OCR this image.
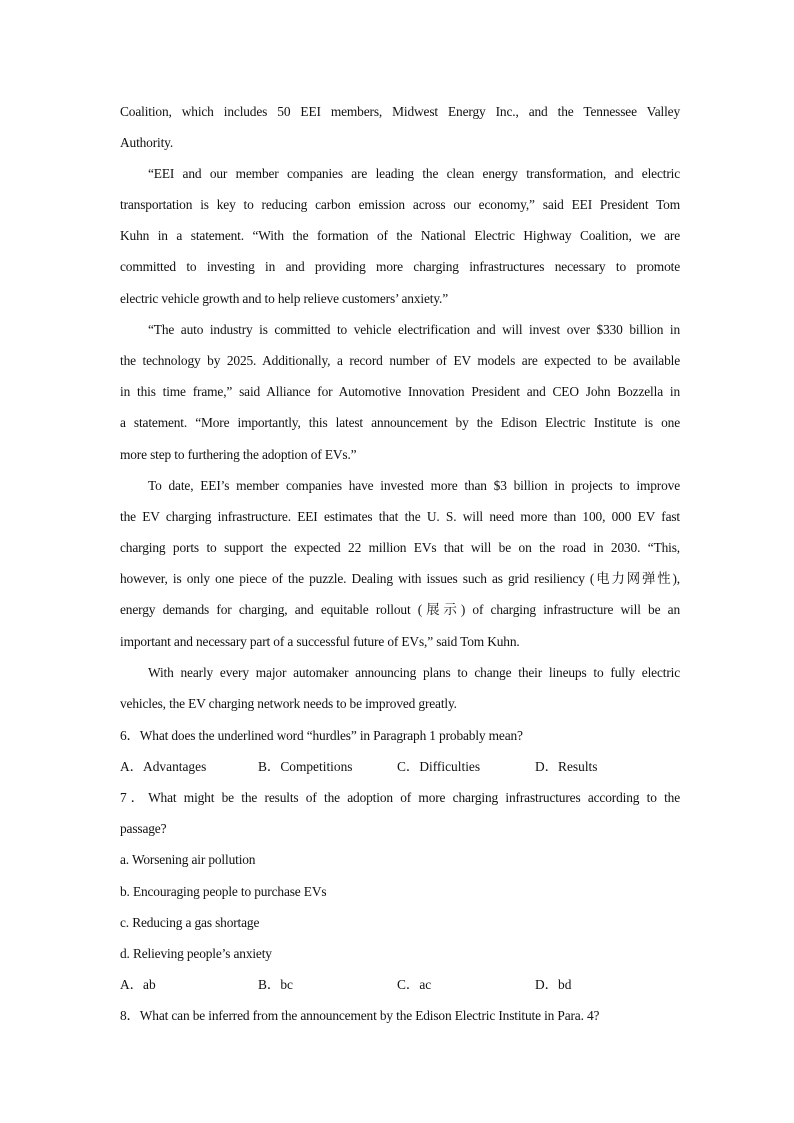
Coalition, which includes 50 EEI members, Midwest Energy Inc., and the Tennessee Valley
Authority.
“EEI and our member companies are leading the clean energy transformation, and electric
transportation is key to reducing carbon emission across our economy,” said EEI President Tom
Kuhn in a statement. “With the formation of the National Electric Highway Coalition, we are
committed to investing in and providing more charging infrastructures necessary to promote
electric vehicle growth and to help relieve customers’ anxiety.”
“The auto industry is committed to vehicle electrification and will invest over $330 billion in
the technology by 2025. Additionally, a record number of EV models are expected to be available
in this time frame,” said Alliance for Automotive Innovation President and CEO John Bozzella in
a statement. “More importantly, this latest announcement by the Edison Electric Institute is one
more step to furthering the adoption of EVs.”
To date, EEI’s member companies have invested more than $3 billion in projects to improve
the EV charging infrastructure. EEI estimates that the U. S. will need more than 100, 000 EV fast
charging ports to support the expected 22 million EVs that will be on the road in 2030. “This,
however, is only one piece of the puzzle. Dealing with issues such as grid resiliency (电力网弹性),
energy demands for charging, and equitable rollout (展示) of charging infrastructure will be an
important and necessary part of a successful future of EVs,” said Tom Kuhn.
With nearly every major automaker announcing plans to change their lineups to fully electric
vehicles, the EV charging network needs to be improved greatly.
6．What does the underlined word “hurdles” in Paragraph 1 probably mean?
A．Advantages	B．Competitions	C．Difficulties	D．Results
7．What might be the results of the adoption of more charging infrastructures according to the
passage?
a. Worsening air pollution
b. Encouraging people to purchase EVs
c. Reducing a gas shortage
d. Relieving people’s anxiety
A．ab	B．bc	C．ac	D．bd
8．What can be inferred from the announcement by the Edison Electric Institute in Para. 4?
